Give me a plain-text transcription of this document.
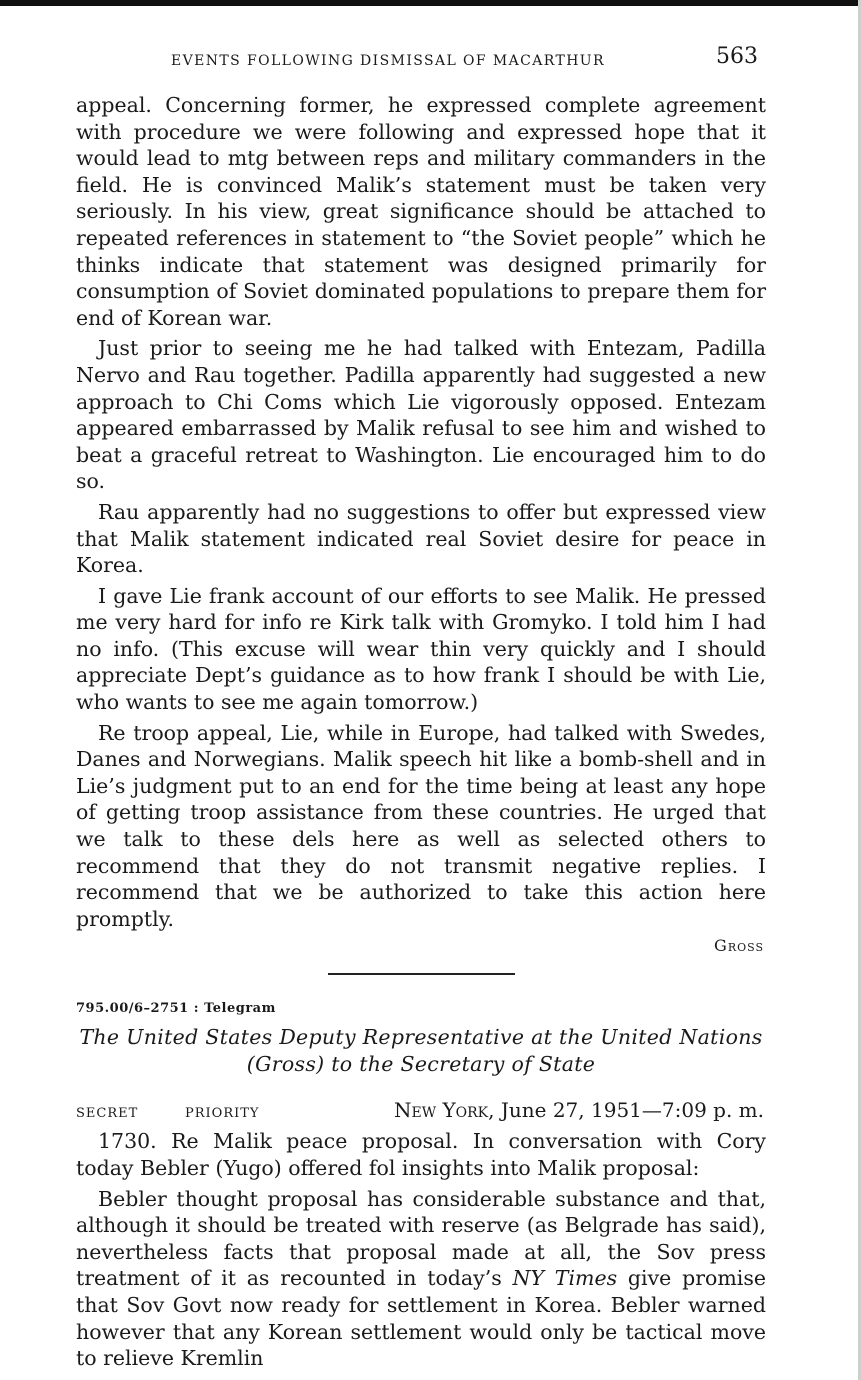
EVENTS FOLLOWING DISMISSAL OF MACARTHUR	563

appeal. Concerning former, he expressed complete agreement with procedure we were following and expressed hope that it would lead to mtg between reps and military commanders in the field. He is convinced Malik’s statement must be taken very seriously. In his view, great significance should be attached to repeated references in statement to “the Soviet people” which he thinks indicate that statement was designed primarily for consumption of Soviet dominated populations to prepare them for end of Korean war.

Just prior to seeing me he had talked with Entezam, Padilla Nervo and Rau together. Padilla apparently had suggested a new approach to Chi Coms which Lie vigorously opposed. Entezam appeared embarrassed by Malik refusal to see him and wished to beat a graceful retreat to Washington. Lie encouraged him to do so.

Rau apparently had no suggestions to offer but expressed view that Malik statement indicated real Soviet desire for peace in Korea.

I gave Lie frank account of our efforts to see Malik. He pressed me very hard for info re Kirk talk with Gromyko. I told him I had no info. (This excuse will wear thin very quickly and I should appreciate Dept’s guidance as to how frank I should be with Lie, who wants to see me again tomorrow.)

Re troop appeal, Lie, while in Europe, had talked with Swedes, Danes and Norwegians. Malik speech hit like a bomb-shell and in Lie’s judgment put to an end for the time being at least any hope of getting troop assistance from these countries. He urged that we talk to these dels here as well as selected others to recommend that they do not transmit negative replies. I recommend that we be authorized to take this action here promptly.

Gross
795.00/6–2751 : Telegram
The United States Deputy Representative at the United Nations
(Gross) to the Secretary of State
SECRET	PRIORITY	New York, June 27, 1951—7:09 p. m.

1730. Re Malik peace proposal. In conversation with Cory today Bebler (Yugo) offered fol insights into Malik proposal:

Bebler thought proposal has considerable substance and that, although it should be treated with reserve (as Belgrade has said), nevertheless facts that proposal made at all, the Sov press treatment of it as recounted in today’s NY Times give promise that Sov Govt now ready for settlement in Korea. Bebler warned however that any Korean settlement would only be tactical move to relieve Kremlin
